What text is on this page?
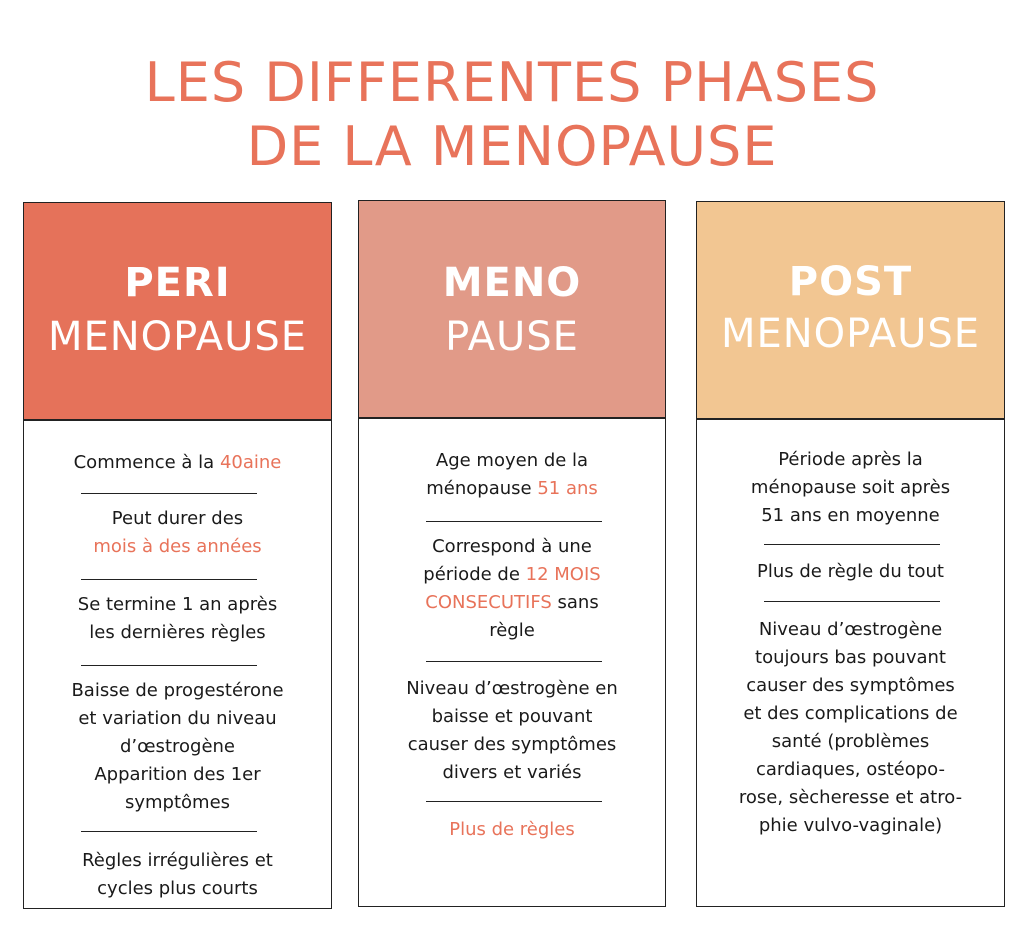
LES DIFFERENTES PHASES
DE LA MENOPAUSE
PERI
MENOPAUSE
Commence à la 40aine
Peut durer des
mois à des années
Se termine 1 an après
les dernières règles
Baisse de progestérone
et variation du niveau
d’œstrogène
Apparition des 1er
symptômes
Règles irrégulières et
cycles plus courts
MENO
PAUSE
Age moyen de la
ménopause 51 ans
Correspond à une
période de 12 MOIS
CONSECUTIFS sans
règle
Niveau d’œstrogène en
baisse et pouvant
causer des symptômes
divers et variés
Plus de règles
POST
MENOPAUSE
Période après la
ménopause soit après
51 ans en moyenne
Plus de règle du tout
Niveau d’œstrogène
toujours bas pouvant
causer des symptômes
et des complications de
santé (problèmes
cardiaques, ostéopo-
rose, sècheresse et atro-
phie vulvo-vaginale)
